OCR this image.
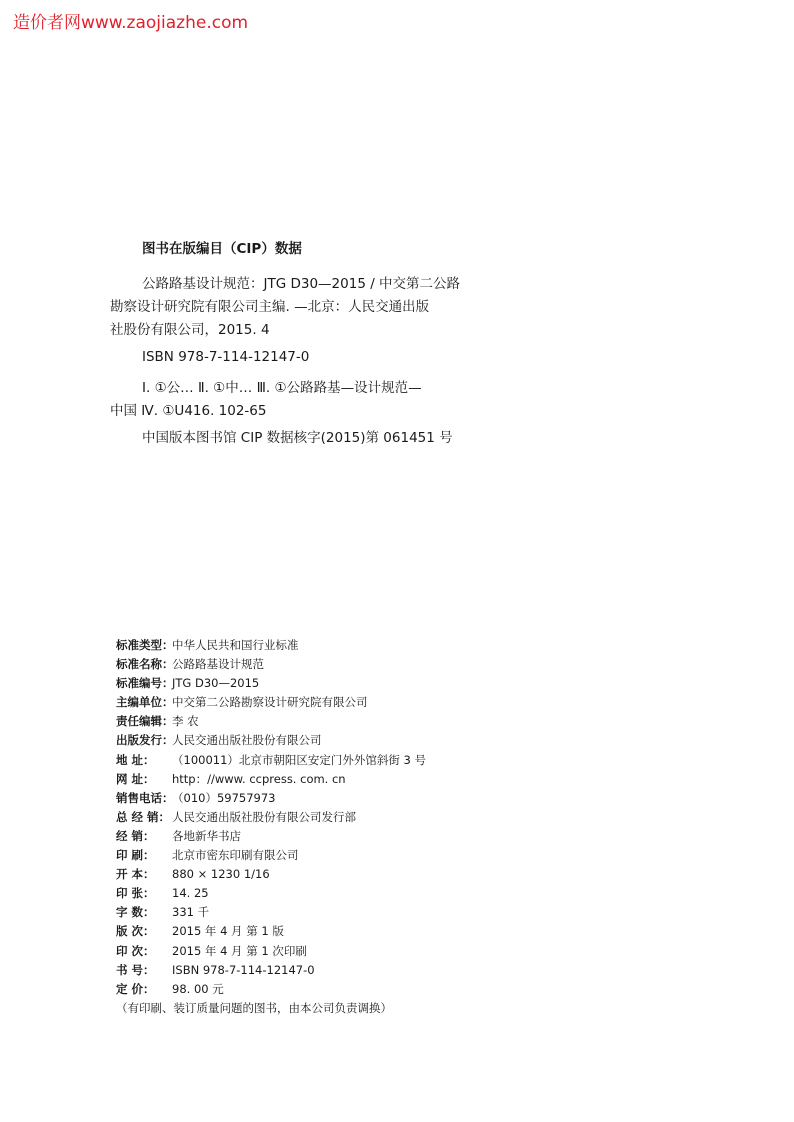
造价者网www.zaojiazhe.com
图书在版编目（CIP）数据
公路路基设计规范：JTG D30—2015 / 中交第二公路
勘察设计研究院有限公司主编. —北京：人民交通出版
社股份有限公司，2015. 4
ISBN 978-7-114-12147-0
Ⅰ. ①公… Ⅱ. ①中… Ⅲ. ①公路路基—设计规范—
中国 Ⅳ. ①U416. 102-65
中国版本图书馆 CIP 数据核字(2015)第 061451 号
标准类型：
中华人民共和国行业标准
标准名称：
公路路基设计规范
标准编号：
JTG D30—2015
主编单位：
中交第二公路勘察设计研究院有限公司
责任编辑：
李 农
出版发行：
人民交通出版社股份有限公司
地 址：	（100011）北京市朝阳区安定门外外馆斜街 3 号
网 址：	http：//www. ccpress. com. cn
销售电话：
（010）59757973
总 经 销： 人民交通出版社股份有限公司发行部
经 销：	各地新华书店
印 刷：	北京市密东印刷有限公司
开 本：	880 × 1230 1/16
印 张：	14. 25
字 数：	331 千
版 次：	2015 年 4 月 第 1 版
印 次：	2015 年 4 月 第 1 次印刷
书 号：	ISBN 978-7-114-12147-0
定 价：	98. 00 元
（有印刷、装订质量问题的图书，由本公司负责调换）
